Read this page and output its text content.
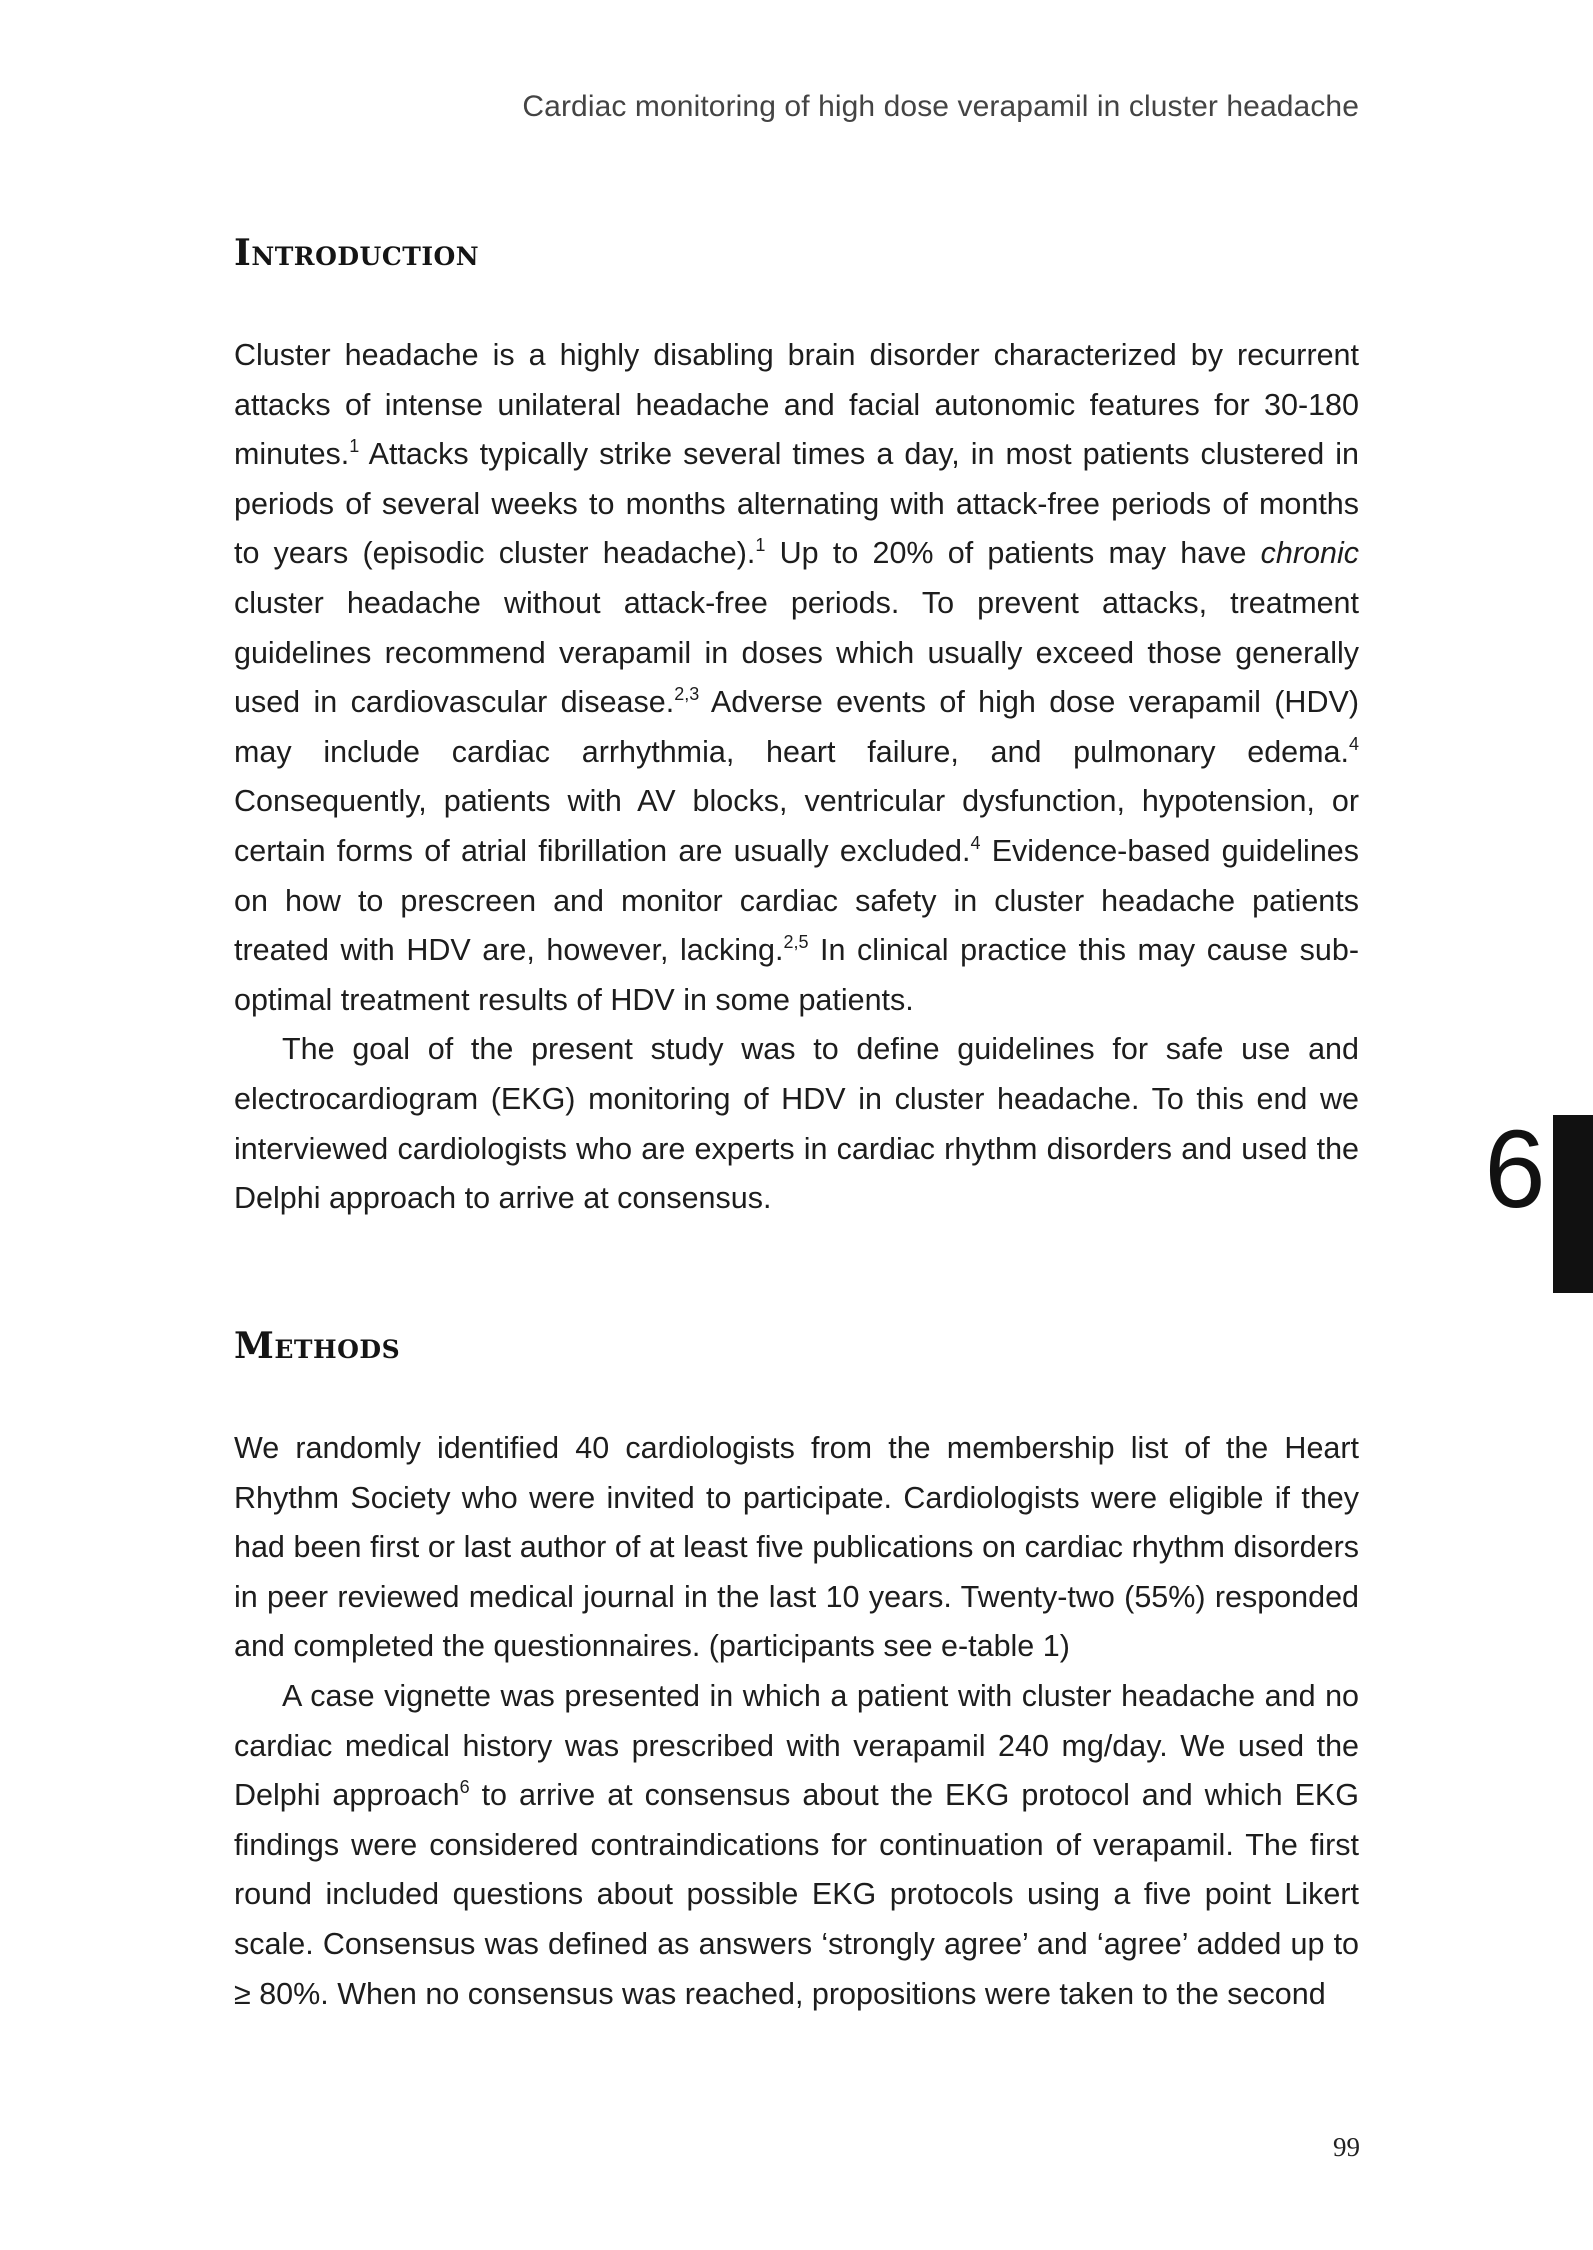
Cardiac monitoring of high dose verapamil in cluster headache
Introduction

Cluster headache is a highly disabling brain disorder characterized by recurrent attacks of intense unilateral headache and facial autonomic features for 30-180 minutes.$^1$ Attacks typically strike several times a day, in most patients clustered in periods of several weeks to months alternating with attack-free periods of months to years (episodic cluster headache).$^1$ Up to 20% of patients may have chronic cluster headache without attack-free periods. To prevent attacks, treatment guidelines recommend verapamil in doses which usually exceed those generally used in cardiovascular disease.$^{2,3}$ Adverse events of high dose verapamil (HDV) may include cardiac arrhythmia, heart failure, and pulmonary edema.$^4$ Consequently, patients with AV blocks, ventricular dysfunction, hypotension, or certain forms of atrial fibrillation are usually excluded.$^4$ Evidence-based guidelines on how to prescreen and monitor cardiac safety in cluster headache patients treated with HDV are, however, lacking.$^{2,5}$ In clinical practice this may cause sub-optimal treatment results of HDV in some patients.

The goal of the present study was to define guidelines for safe use and electrocardiogram (EKG) monitoring of HDV in cluster headache. To this end we interviewed cardiologists who are experts in cardiac rhythm disorders and used the Delphi approach to arrive at consensus.	6
Methods

We randomly identified 40 cardiologists from the membership list of the Heart Rhythm Society who were invited to participate. Cardiologists were eligible if they had been first or last author of at least five publications on cardiac rhythm disorders in peer reviewed medical journal in the last 10 years. Twenty-two (55%) responded and completed the questionnaires. (participants see e-table 1)

A case vignette was presented in which a patient with cluster headache and no cardiac medical history was prescribed with verapamil 240 mg/day. We used the Delphi approach$^6$ to arrive at consensus about the EKG protocol and which EKG findings were considered contraindications for continuation of verapamil. The first round included questions about possible EKG protocols using a five point Likert scale. Consensus was defined as answers ‘strongly agree’ and ‘agree’ added up to ≥ 80%. When no consensus was reached, propositions were taken to the second

99
